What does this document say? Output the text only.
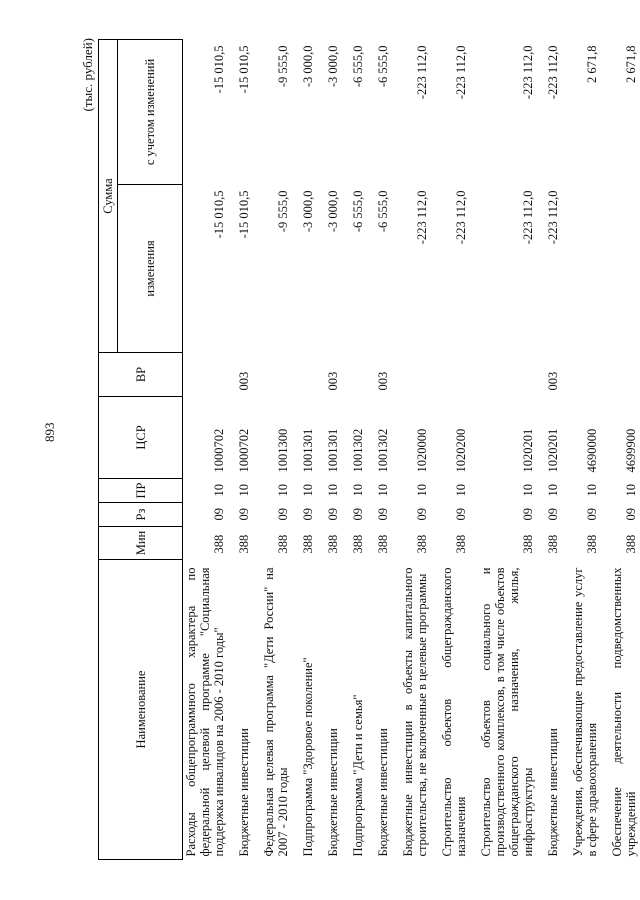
893
(тыс. рублей)
Наименование	Мин	Рз	ПР	ЦСР	ВР	Сумма	
						изменения	с учетом изменений
Расходы общепрограммного характера по федеральной целевой программе "Социальная поддержка инвалидов на 2006 - 2010 годы"	388	09	10	1000702		-15 010,5	-15 010,5

Бюджетные инвестиции	388	09	10	1000702	003	-15 010,5	-15 010,5

Федеральная целевая программа "Дети России" на 2007 - 2010 годы	388	09	10	1001300		-9 555,0	-9 555,0

Подпрограмма "Здоровое поколение"	388	09	10	1001301		-3 000,0	-3 000,0

Бюджетные инвестиции	388	09	10	1001301	003	-3 000,0	-3 000,0

Подпрограмма "Дети и семья"	388	09	10	1001302		-6 555,0	-6 555,0

Бюджетные инвестиции	388	09	10	1001302	003	-6 555,0	-6 555,0

Бюджетные инвестиции в объекты капитального строительства, не включенные в целевые программы	388	09	10	1020000		-223 112,0	-223 112,0

Строительство объектов общегражданского назначения	388	09	10	1020200		-223 112,0	-223 112,0

Строительство объектов социального и производственного комплексов, в том числе объектов общегражданского назначения, жилья, инфраструктуры	388	09	10	1020201		-223 112,0	-223 112,0

Бюджетные инвестиции	388	09	10	1020201	003	-223 112,0	-223 112,0

Учреждения, обеспечивающие предоставление услуг в сфере здравоохранения	388	09	10	4690000			2 671,8

Обеспечение деятельности подведомственных учреждений	388	09	10	4699900			2 671,8
